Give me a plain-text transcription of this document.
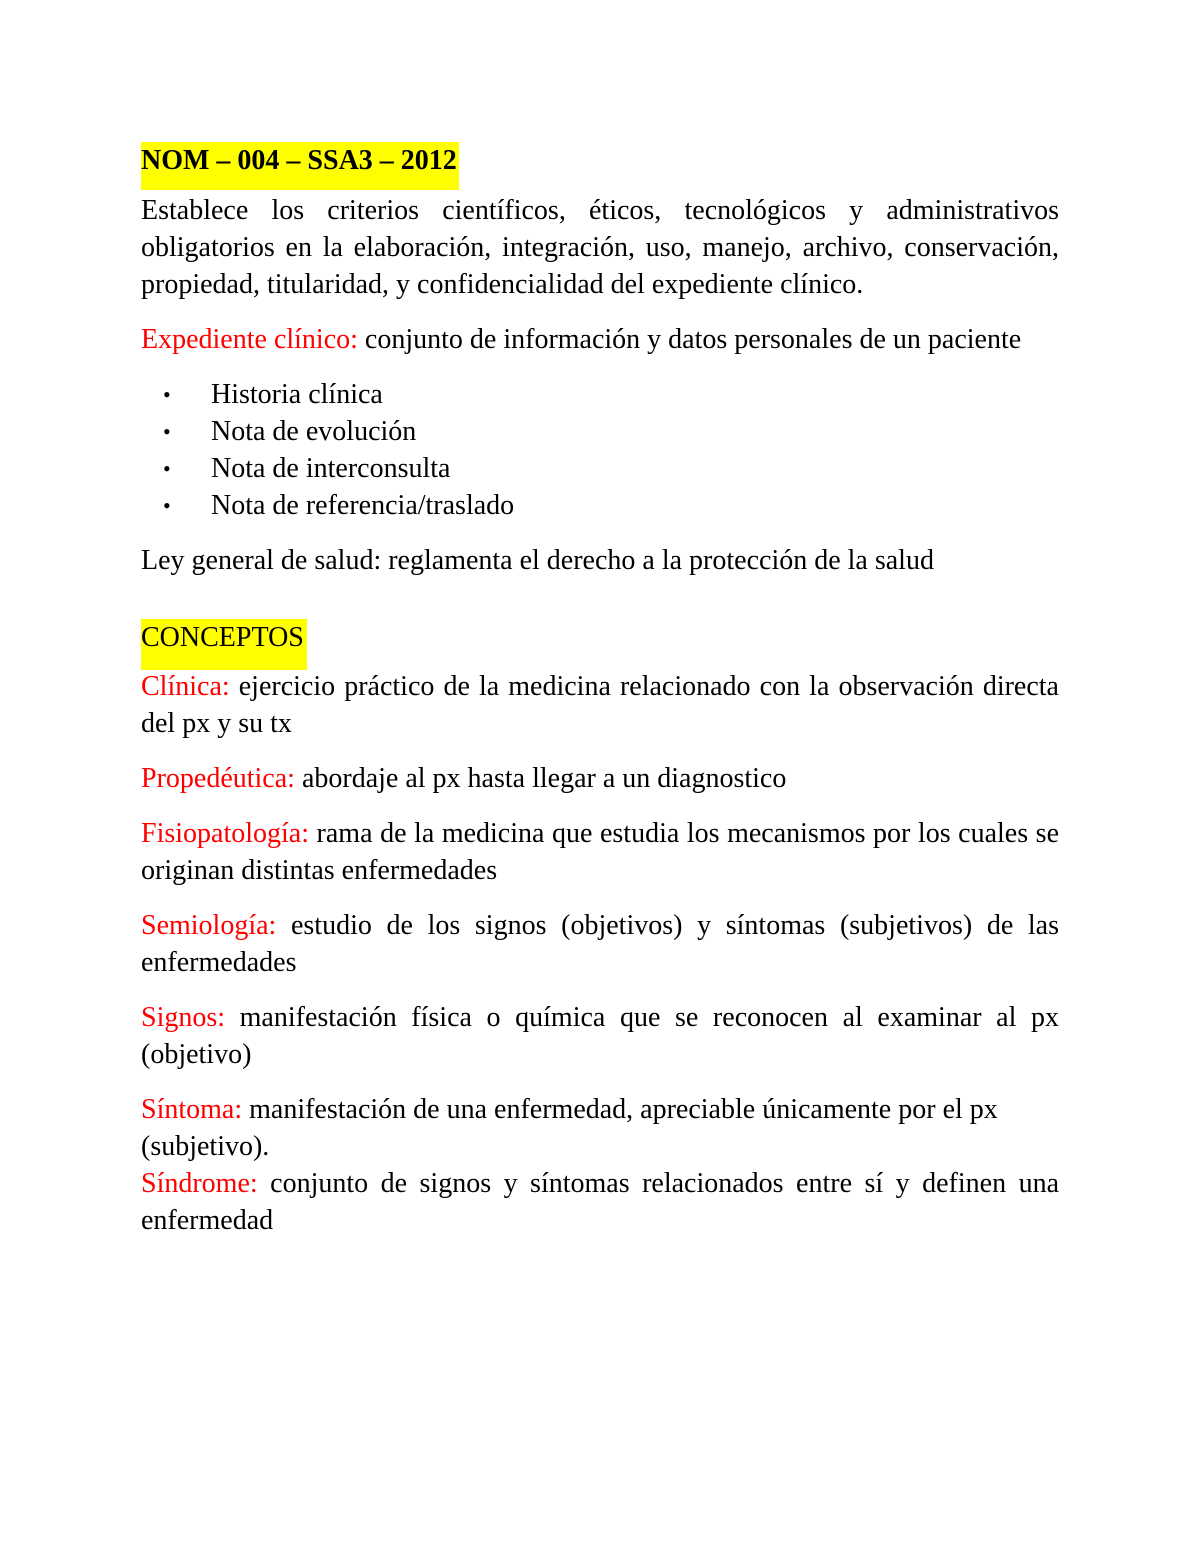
NOM – 004 – SSA3 – 2012

Establece los criterios científicos, éticos, tecnológicos y administrativos obligatorios en la elaboración, integración, uso, manejo, archivo, conservación, propiedad, titularidad, y confidencialidad del expediente clínico.

Expediente clínico: conjunto de información y datos personales de un paciente

• Historia clínica
• Nota de evolución
• Nota de interconsulta
• Nota de referencia/traslado

Ley general de salud: reglamenta el derecho a la protección de la salud

CONCEPTOS

Clínica: ejercicio práctico de la medicina relacionado con la observación directa del px y su tx

Propedéutica: abordaje al px hasta llegar a un diagnostico

Fisiopatología: rama de la medicina que estudia los mecanismos por los cuales se originan distintas enfermedades

Semiología: estudio de los signos (objetivos) y síntomas (subjetivos) de las enfermedades

Signos: manifestación física o química que se reconocen al examinar al px (objetivo)

Síntoma: manifestación de una enfermedad, apreciable únicamente por el px (subjetivo).

Síndrome: conjunto de signos y síntomas relacionados entre sí y definen una enfermedad
